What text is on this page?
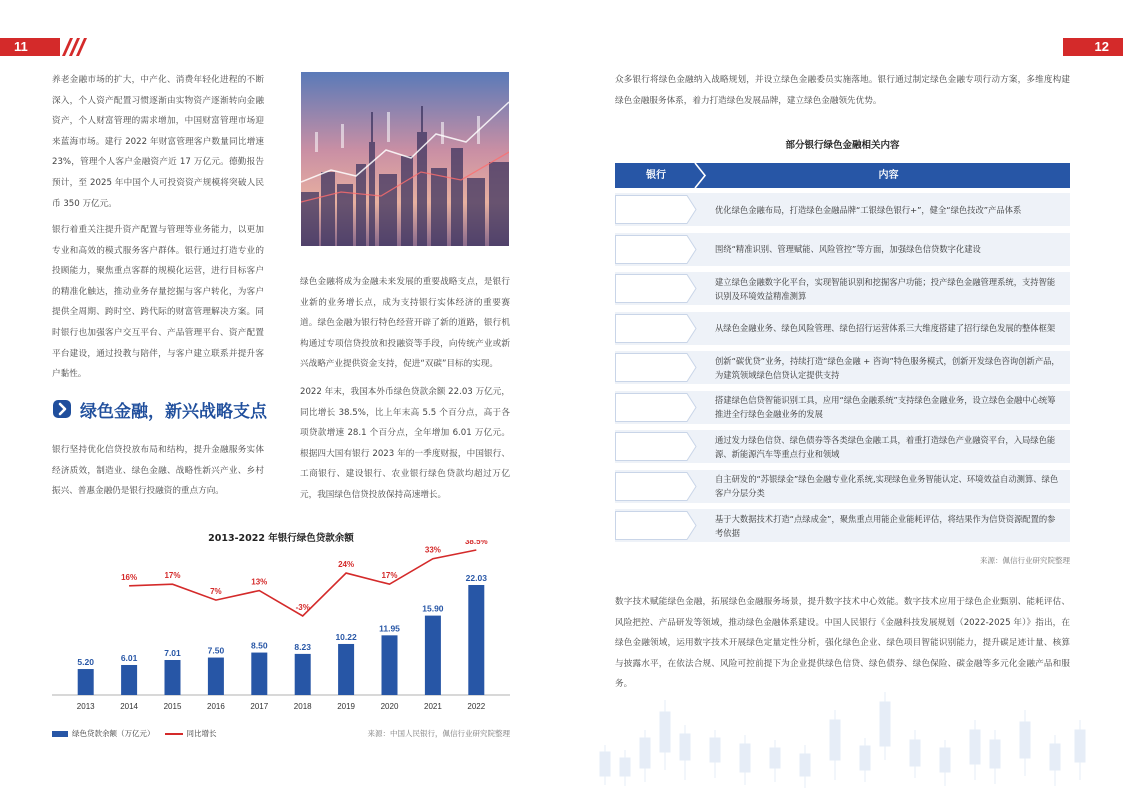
11	12

养老金融市场的扩大，中产化、消费年轻化进程的不断深入，个人资产配置习惯逐渐由实物资产逐渐转向金融资产，个人财富管理的需求增加，中国财富管理市场迎来蓝海市场。建行 2022 年财富管理客户数量同比增速 23%，管理个人客户金融资产近 17 万亿元。德勤报告预计，至 2025 年中国个人可投资资产规模将突破人民币 350 万亿元。

银行着重关注提升资产配置与管理等业务能力，以更加专业和高效的模式服务客户群体。银行通过打造专业的投顾能力，聚焦重点客群的规模化运营，进行目标客户的精准化触达，推动业务存量挖掘与客户转化，为客户提供全周期、跨时空、跨代际的财富管理解决方案。同时银行也加强客户交互平台、产品管理平台、资产配置平台建设，通过投教与陪伴，与客户建立联系并提升客户黏性。

绿色金融，新兴战略支点

银行坚持优化信贷投放布局和结构，提升金融服务实体经济质效，制造业、绿色金融、战略性新兴产业、乡村振兴、普惠金融仍是银行投融资的重点方向。

绿色金融将成为金融未来发展的重要战略支点，是银行业新的业务增长点，成为支持银行实体经济的重要赛道。绿色金融为银行特色经营开辟了新的道路，银行机构通过专项信贷投放和投融资等手段，向传统产业或新兴战略产业提供资金支持，促进“双碳”目标的实现。

2022 年末，我国本外币绿色贷款余额 22.03 万亿元，同比增长 38.5%，比上年末高 5.5 个百分点，高于各项贷款增速 28.1 个百分点，全年增加 6.01 万亿元。根据四大国有银行 2023 年的一季度财报，中国银行、工商银行、建设银行、农业银行绿色贷款均超过万亿元，我国绿色信贷投放保持高速增长。

2013-2022 年银行绿色贷款余额
5.20
2013
6.01
2014
7.01
2015
7.50
2016
8.50
2017
8.23
2018
10.22
2019
11.95
2020
15.90
2021
22.03
2022
16%	17%
7%
13%
-3%
24%
17%
33%
38.5%
绿色贷款余额（万亿元）	同比增长	来源：中国人民银行，佩信行业研究院整理

众多银行将绿色金融纳入战略规划，并设立绿色金融委员实施落地。银行通过制定绿色金融专项行动方案，多维度构建绿色金融服务体系，着力打造绿色发展品牌，建立绿色金融领先优势。

部分银行绿色金融相关内容
银行	内容
优化绿色金融布局，打造绿色金融品牌“工银绿色银行+”，健全“绿色技改”产品体系
围绕“精准识别、管理赋能、风险管控”等方面，加强绿色信贷数字化建设
建立绿色金融数字化平台，实现智能识别和挖掘客户功能；投产绿色金融管理系统，支持智能识别及环境效益精准测算
从绿色金融业务、绿色风险管理、绿色招行运营体系三大维度搭建了招行绿色发展的整体框架
创新“碳优贷”业务，持续打造“绿色金融 + 咨询”特色服务模式，创新开发绿色咨询创新产品，为建筑领域绿色信贷认定提供支持
搭建绿色信贷智能识别工具，应用“绿色金融系统”支持绿色金融业务，设立绿色金融中心统筹推进全行绿色金融业务的发展
通过发力绿色信贷、绿色债券等各类绿色金融工具，着重打造绿色产业融资平台，入局绿色能源、新能源汽车等重点行业和领域
自主研发的“苏银绿金”绿色金融专业化系统,实现绿色业务智能认定、环境效益自动测算、绿色客户分层分类
基于大数据技术打造“点绿成金”，聚焦重点用能企业能耗评估，将结果作为信贷资源配置的参考依据
来源：佩信行业研究院整理

数字技术赋能绿色金融，拓展绿色金融服务场景，提升数字技术中心效能。数字技术应用于绿色企业甄别、能耗评估、风险把控、产品研发等领域，推动绿色金融体系建设。中国人民银行《金融科技发展规划（2022-2025 年）》指出，在绿色金融领域，运用数字技术开展绿色定量定性分析，强化绿色企业、绿色项目智能识别能力，提升碳足迹计量、核算与披露水平，在依法合规、风险可控前提下为企业提供绿色信贷、绿色债券、绿色保险、碳金融等多元化金融产品和服务。
